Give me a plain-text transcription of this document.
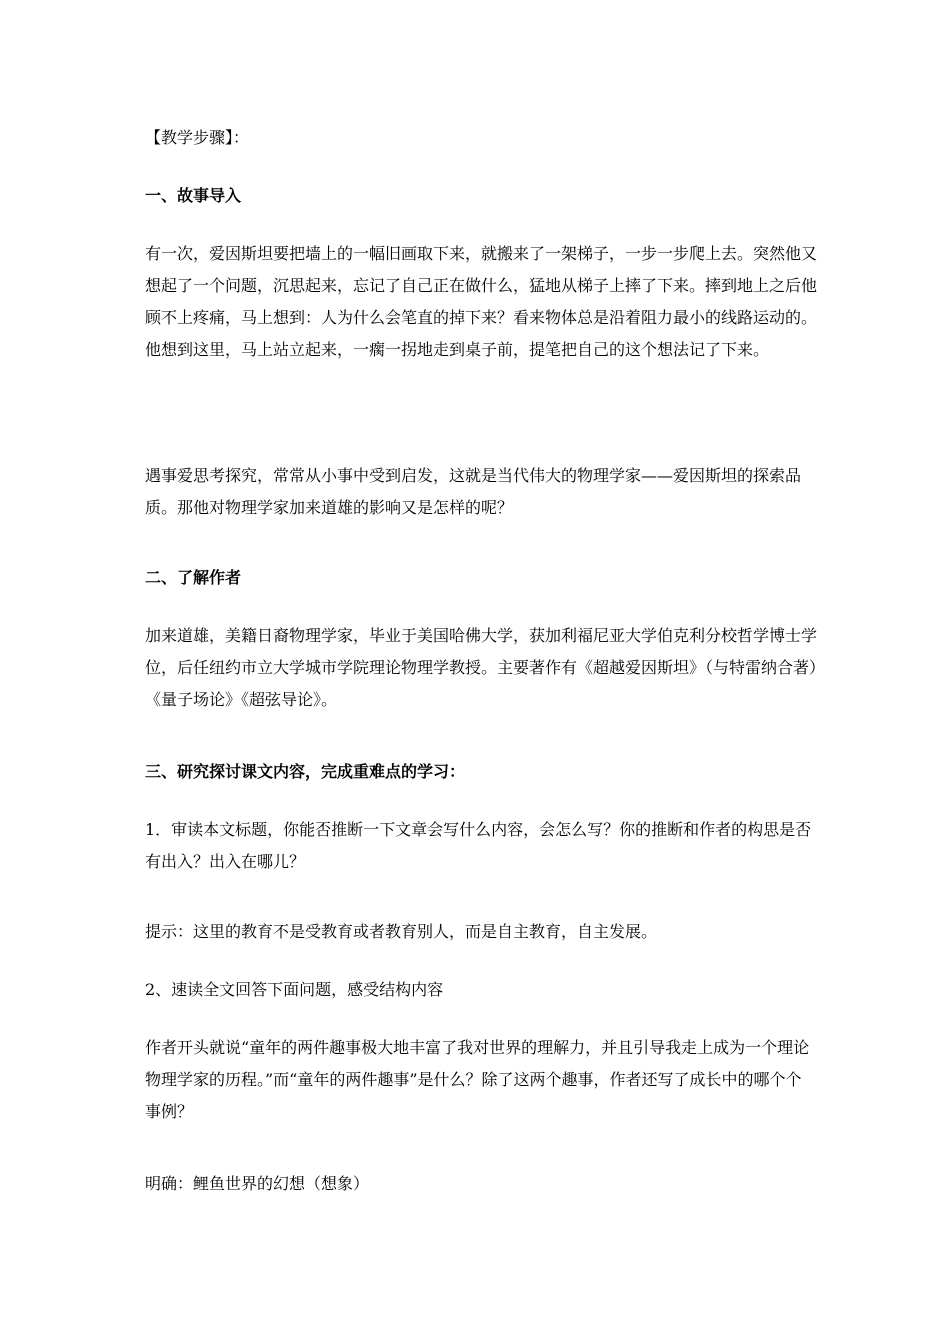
【教学步骤】：

一、故事导入

有一次，爱因斯坦要把墙上的一幅旧画取下来，就搬来了一架梯子，一步一步爬上去。突然他又想起了一个问题，沉思起来，忘记了自己正在做什么，猛地从梯子上摔了下来。摔到地上之后他顾不上疼痛，马上想到：人为什么会笔直的掉下来？看来物体总是沿着阻力最小的线路运动的。他想到这里，马上站立起来，一瘸一拐地走到桌子前，提笔把自己的这个想法记了下来。

遇事爱思考探究，常常从小事中受到启发，这就是当代伟大的物理学家——爱因斯坦的探索品质。那他对物理学家加来道雄的影响又是怎样的呢？

二、了解作者

加来道雄，美籍日裔物理学家，毕业于美国哈佛大学，获加利福尼亚大学伯克利分校哲学博士学位，后任纽约市立大学城市学院理论物理学教授。主要著作有《超越爱因斯坦》（与特雷纳合著）《量子场论》《超弦导论》。

三、研究探讨课文内容，完成重难点的学习：

1．审读本文标题，你能否推断一下文章会写什么内容，会怎么写？你的推断和作者的构思是否有出入？出入在哪儿？

提示：这里的教育不是受教育或者教育别人，而是自主教育，自主发展。

2、速读全文回答下面问题，感受结构内容

作者开头就说“童年的两件趣事极大地丰富了我对世界的理解力，并且引导我走上成为一个理论物理学家的历程。”而“童年的两件趣事”是什么？除了这两个趣事，作者还写了成长中的哪个个事例？

明确：鲤鱼世界的幻想（想象）
